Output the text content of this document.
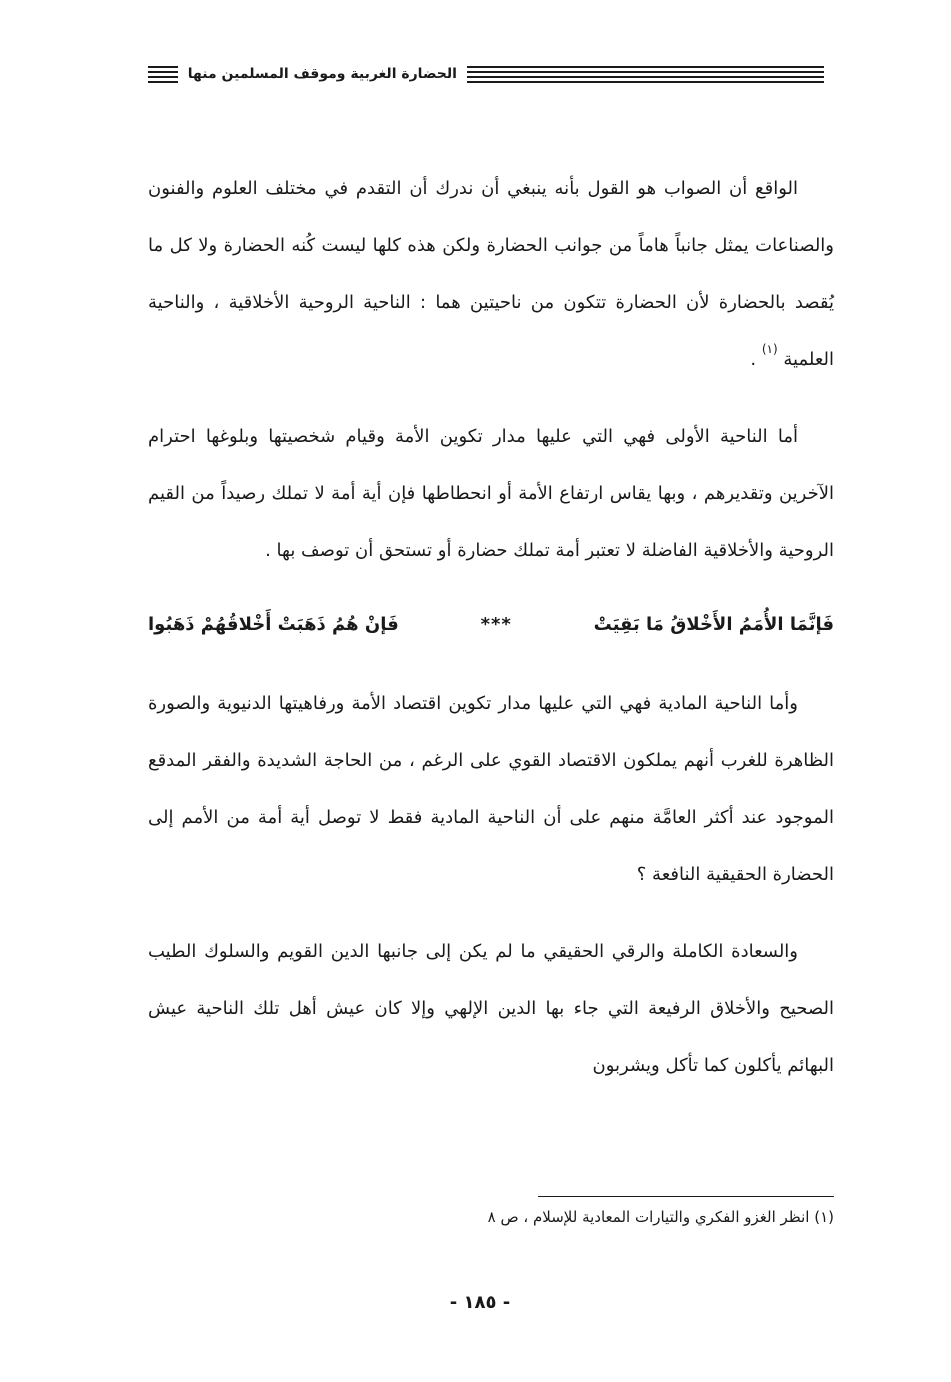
الحضارة الغربية وموقف المسلمين منها

الواقع أن الصواب هو القول بأنه ينبغي أن ندرك أن التقدم في مختلف العلوم والفنون والصناعات يمثل جانباً هاماً من جوانب الحضارة ولكن هذه كلها ليست كُنه الحضارة ولا كل ما يُقصد بالحضارة لأن الحضارة تتكون من ناحيتين هما : الناحية الروحية الأخلاقية ، والناحية العلمية $^{(١)}$ .

أما الناحية الأولى فهي التي عليها مدار تكوين الأمة وقيام شخصيتها وبلوغها احترام الآخرين وتقديرهم ، وبها يقاس ارتفاع الأمة أو انحطاطها فإن أية أمة لا تملك رصيداً من القيم الروحية والأخلاقية الفاضلة لا تعتبر أمة تملك حضارة أو تستحق أن توصف بها .

فَإنَّمَا الأُمَمُ الأَخْلاقُ مَا بَقِيَتْ
***
فَإنْ هُمُ ذَهَبَتْ أَخْلاقُهُمْ ذَهَبُوا

وأما الناحية المادية فهي التي عليها مدار تكوين اقتصاد الأمة ورفاهيتها الدنيوية والصورة الظاهرة للغرب أنهم يملكون الاقتصاد القوي على الرغم ، من الحاجة الشديدة والفقر المدقع الموجود عند أكثر العامَّة منهم على أن الناحية المادية فقط لا توصل أية أمة من الأمم إلى الحضارة الحقيقية النافعة ؟

والسعادة الكاملة والرقي الحقيقي ما لم يكن إلى جانبها الدين القويم والسلوك الطيب الصحيح والأخلاق الرفيعة التي جاء بها الدين الإلهي وإلا كان عيش أهل تلك الناحية عيش البهائم يأكلون كما تأكل ويشربون

(١) انظر الغزو الفكري والتيارات المعادية للإسلام ، ص ٨
- ١٨٥ -
